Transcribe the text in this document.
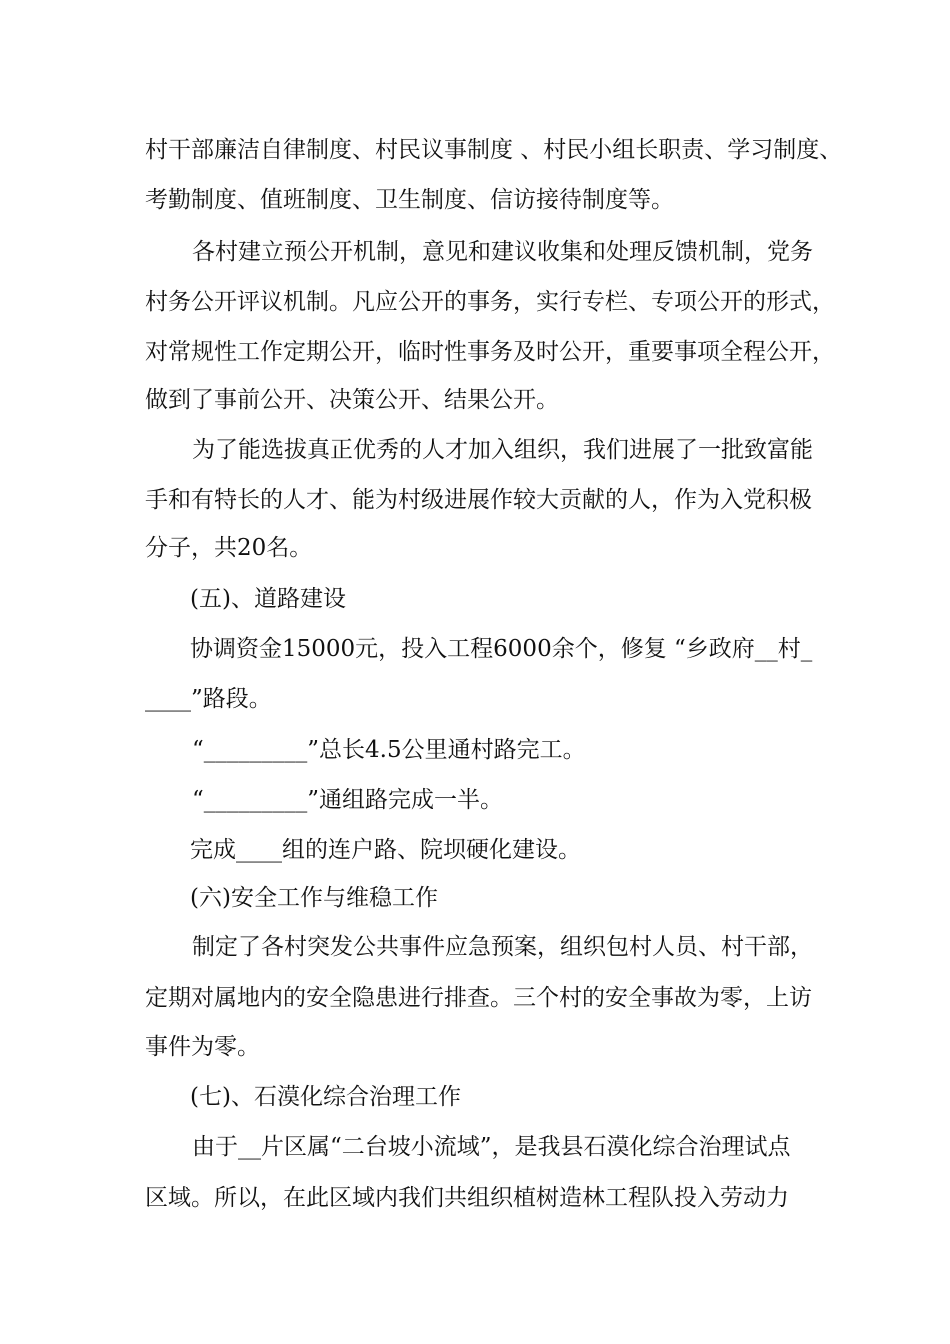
村干部廉洁自律制度、村民议事制度 、村民小组长职责、学习制度、
考勤制度、值班制度、卫生制度、信访接待制度等。
各村建立预公开机制，意见和建议收集和处理反馈机制，党务
村务公开评议机制。凡应公开的事务，实行专栏、专项公开的形式，
对常规性工作定期公开，临时性事务及时公开，重要事项全程公开，
做到了事前公开、决策公开、结果公开。
为了能选拔真正优秀的人才加入组织，我们进展了一批致富能
手和有特长的人才、能为村级进展作较大贡献的人，作为入党积极
分子，共20名。
(五)、道路建设
协调资金15000元，投入工程6000余个，修复 “乡政府__村_
____”路段。
“_________”总长4.5公里通村路完工。
“_________”通组路完成一半。
完成____组的连户路、院坝硬化建设。
(六)安全工作与维稳工作
制定了各村突发公共事件应急预案，组织包村人员、村干部，
定期对属地内的安全隐患进行排查。三个村的安全事故为零，上访
事件为零。
(七)、石漠化综合治理工作
由于__片区属“二台坡小流域”，是我县石漠化综合治理试点
区域。所以，在此区域内我们共组织植树造林工程队投入劳动力
